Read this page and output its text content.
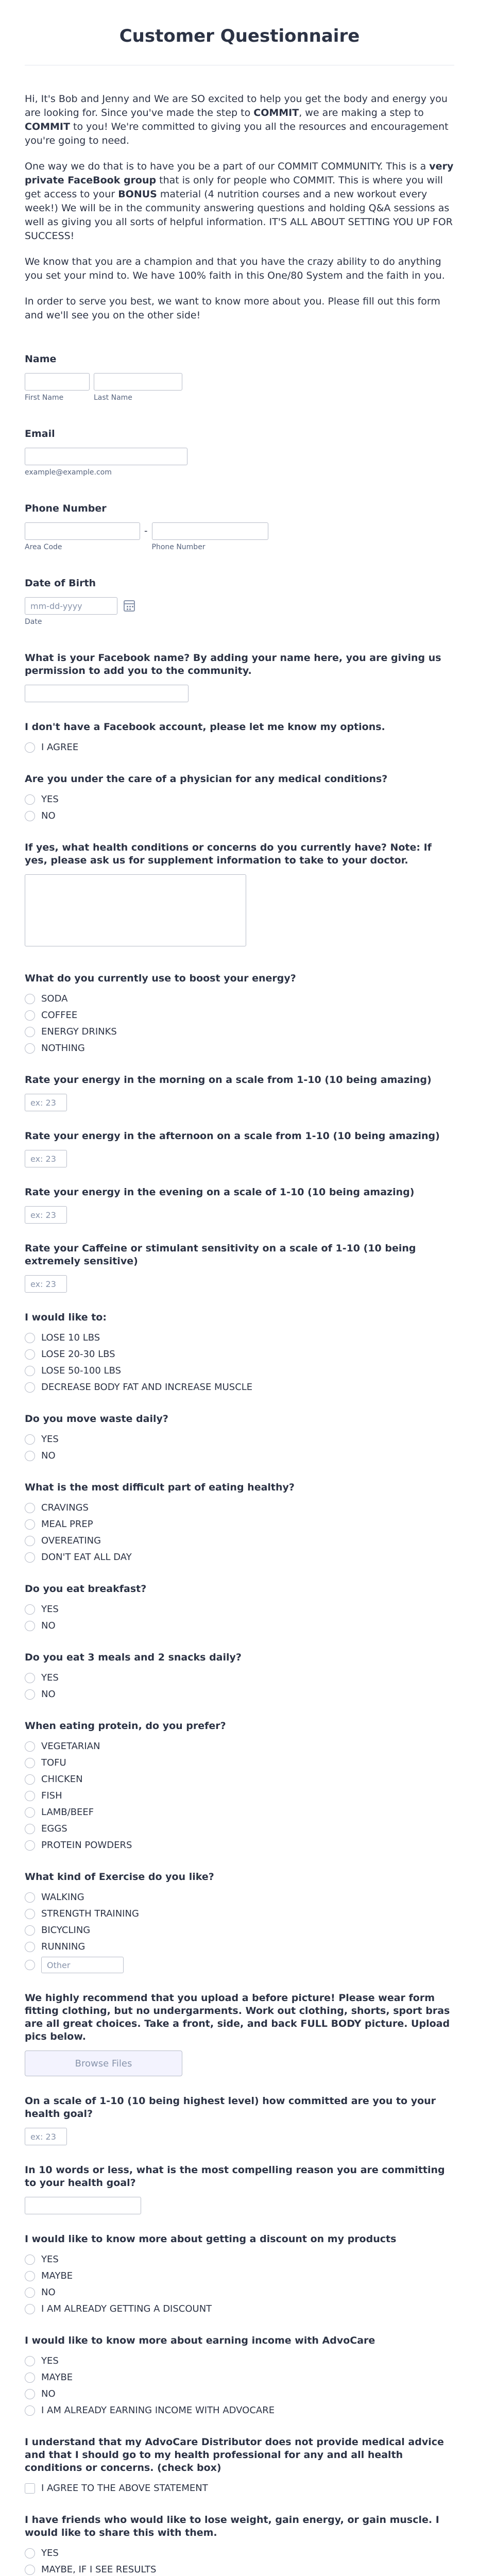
Customer Questionnaire

Hi, It's Bob and Jenny and We are SO excited to help you get the body and energy you are looking for. Since you've made the step to COMMIT, we are making a step to COMMIT to you! We're committed to giving you all the resources and encouragement you're going to need.

One way we do that is to have you be a part of our COMMIT COMMUNITY. This is a very private FaceBook group that is only for people who COMMIT. This is where you will get access to your BONUS material (4 nutrition courses and a new workout every week!) We will be in the community answering questions and holding Q&A sessions as well as giving you all sorts of helpful information. IT'S ALL ABOUT SETTING YOU UP FOR SUCCESS!

We know that you are a champion and that you have the crazy ability to do anything you set your mind to. We have 100% faith in this One/80 System and the faith in you.

In order to serve you best, we want to know more about you. Please fill out this form and we'll see you on the other side!

Name
First Name	Last Name
Email
example@example.com
Phone Number
Area Code
-
Phone Number
Date of Birth
mm-dd-yyyy
Date
What is your Facebook name? By adding your name here, you are giving us permission to add you to the community.
I don't have a Facebook account, please let me know my options.
I AGREE
Are you under the care of a physician for any medical conditions?
YES
NO
If yes, what health conditions or concerns do you currently have? Note: If yes, please ask us for supplement information to take to your doctor.
What do you currently use to boost your energy?
SODA
COFFEE
ENERGY DRINKS
NOTHING
Rate your energy in the morning on a scale from 1-10 (10 being amazing)
ex: 23
Rate your energy in the afternoon on a scale from 1-10 (10 being amazing)
ex: 23
Rate your energy in the evening on a scale of 1-10 (10 being amazing)
ex: 23
Rate your Caffeine or stimulant sensitivity on a scale of 1-10 (10 being extremely sensitive)
ex: 23
I would like to:
LOSE 10 LBS
LOSE 20-30 LBS
LOSE 50-100 LBS
DECREASE BODY FAT AND INCREASE MUSCLE
Do you move waste daily?
YES
NO
What is the most difficult part of eating healthy?
CRAVINGS
MEAL PREP
OVEREATING
DON'T EAT ALL DAY
Do you eat breakfast?
YES
NO
Do you eat 3 meals and 2 snacks daily?
YES
NO
When eating protein, do you prefer?
VEGETARIAN
TOFU
CHICKEN
FISH
LAMB/BEEF
EGGS
PROTEIN POWDERS
What kind of Exercise do you like?
WALKING
STRENGTH TRAINING
BICYCLING
RUNNING
Other
We highly recommend that you upload a before picture! Please wear form fitting clothing, but no undergarments. Work out clothing, shorts, sport bras are all great choices. Take a front, side, and back FULL BODY picture. Upload pics below.
Browse Files
On a scale of 1-10 (10 being highest level) how committed are you to your health goal?
ex: 23
In 10 words or less, what is the most compelling reason you are committing to your health goal?
I would like to know more about getting a discount on my products
YES
MAYBE
NO
I AM ALREADY GETTING A DISCOUNT
I would like to know more about earning income with AdvoCare
YES
MAYBE
NO
I AM ALREADY EARNING INCOME WITH ADVOCARE
I understand that my AdvoCare Distributor does not provide medical advice and that I should go to my health professional for any and all health conditions or concerns. (check box)
I AGREE TO THE ABOVE STATEMENT
I have friends who would like to lose weight, gain energy, or gain muscle. I would like to share this with them.
YES
MAYBE, IF I SEE RESULTS
